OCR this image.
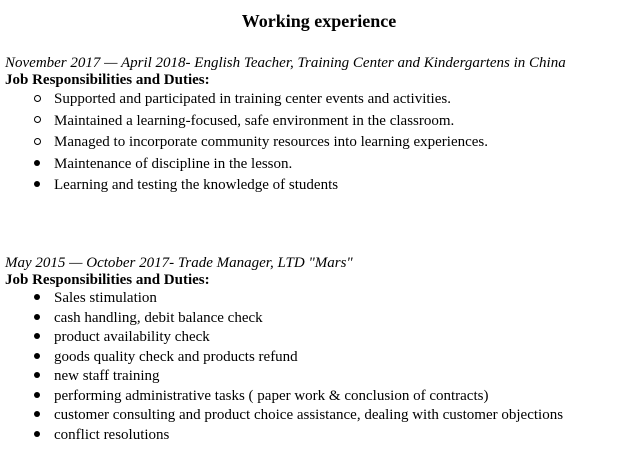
Working experience
November 2017 — April 2018- English Teacher, Training Center and Kindergartens in China
Job Responsibilities and Duties:
Supported and participated in training center events and activities.
Maintained a learning-focused, safe environment in the classroom.
Managed to incorporate community resources into learning experiences.
Maintenance of discipline in the lesson.
Learning and testing the knowledge of students
May 2015 — October 2017- Trade Manager, LTD "Mars"
Job Responsibilities and Duties:
Sales stimulation
cash handling, debit balance check
product availability check
goods quality check and products refund
new staff training
performing administrative tasks ( paper work & conclusion of contracts)
customer consulting and product choice assistance, dealing with customer objections
conflict resolutions
